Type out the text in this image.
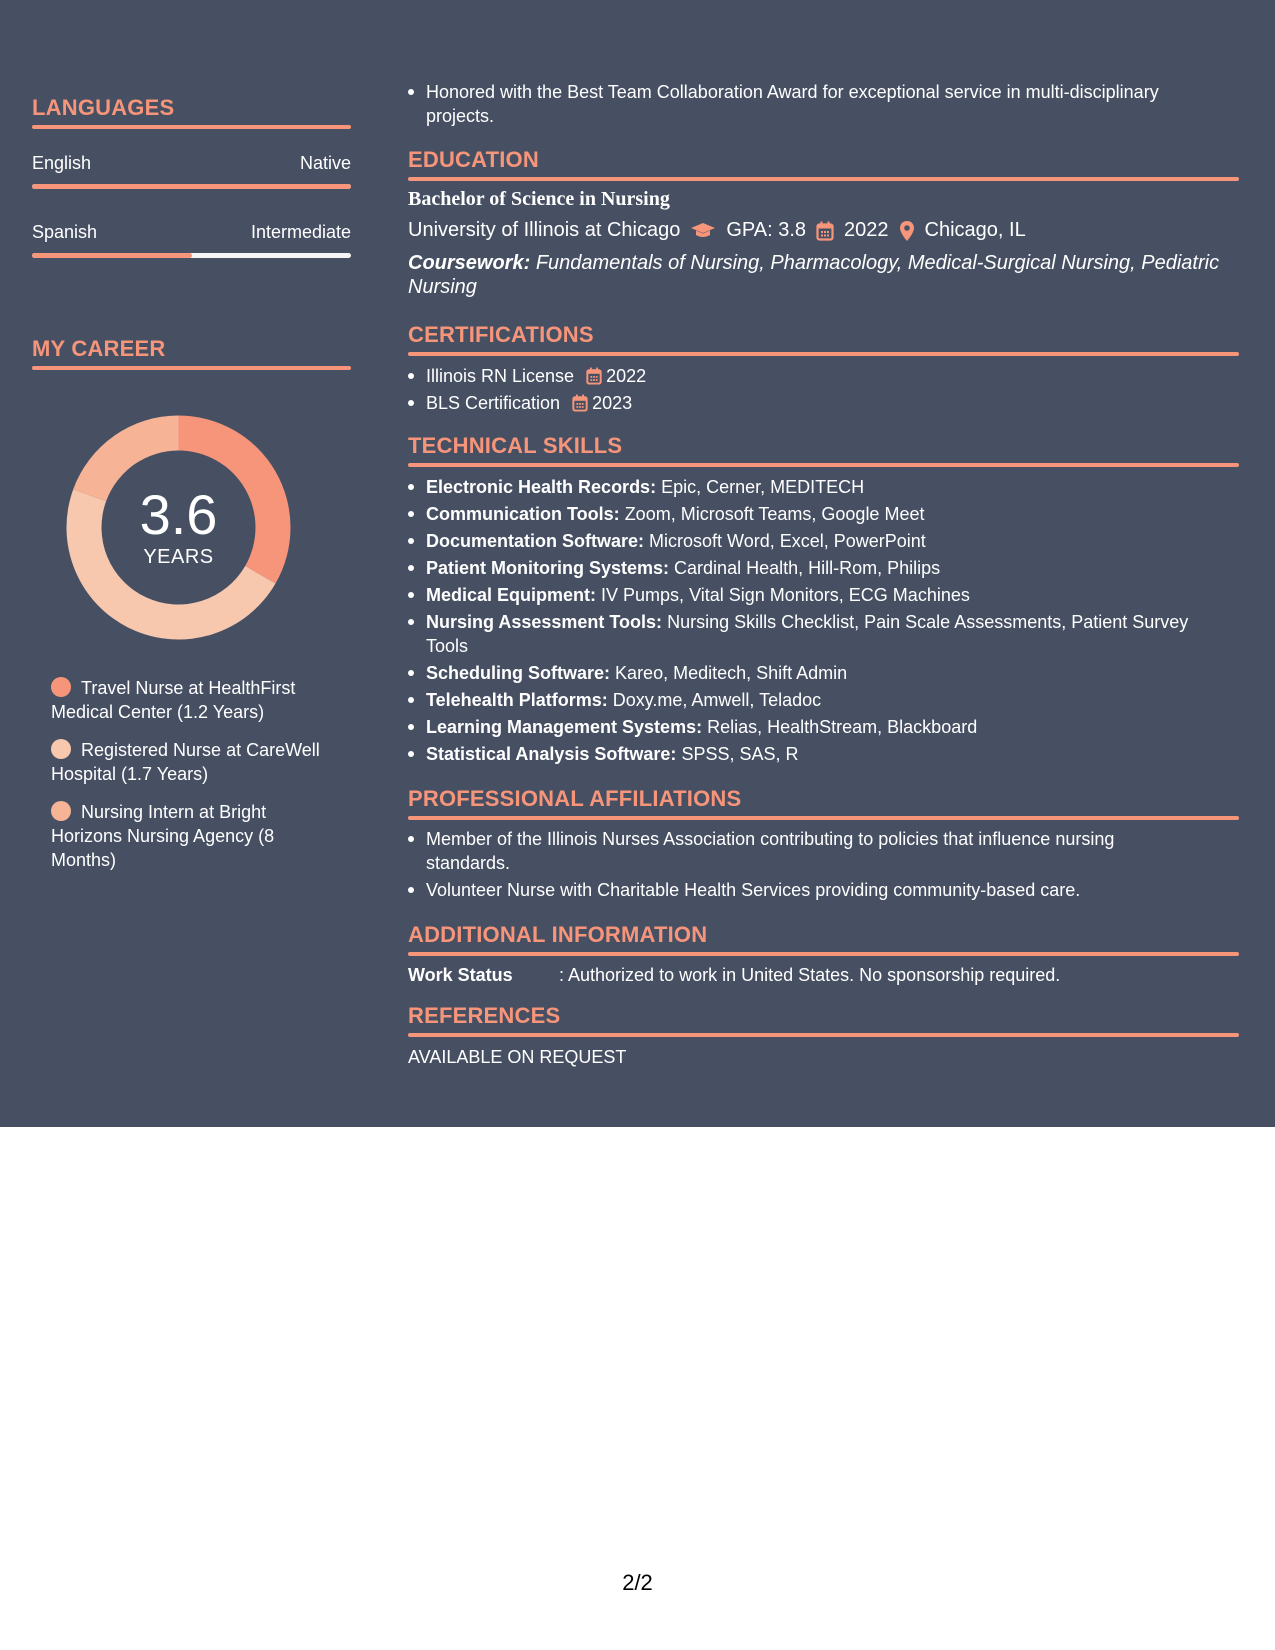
LANGUAGES
English	Native
Spanish	Intermediate
MY CAREER
3.6
YEARS
Travel Nurse at HealthFirst Medical Center (1.2 Years)
Registered Nurse at CareWell Hospital (1.7 Years)
Nursing Intern at Bright Horizons Nursing Agency (8 Months)
Honored with the Best Team Collaboration Award for exceptional service in multi-disciplinary projects.
EDUCATION
Bachelor of Science in Nursing
University of Illinois at Chicago GPA: 3.8 2022 Chicago, IL
Coursework: Fundamentals of Nursing, Pharmacology, Medical-Surgical Nursing, Pediatric Nursing
CERTIFICATIONS
Illinois RN License 2022
BLS Certification 2023
TECHNICAL SKILLS
Electronic Health Records: Epic, Cerner, MEDITECH
Communication Tools: Zoom, Microsoft Teams, Google Meet
Documentation Software: Microsoft Word, Excel, PowerPoint
Patient Monitoring Systems: Cardinal Health, Hill-Rom, Philips
Medical Equipment: IV Pumps, Vital Sign Monitors, ECG Machines
Nursing Assessment Tools: Nursing Skills Checklist, Pain Scale Assessments, Patient Survey Tools
Scheduling Software: Kareo, Meditech, Shift Admin
Telehealth Platforms: Doxy.me, Amwell, Teladoc
Learning Management Systems: Relias, HealthStream, Blackboard
Statistical Analysis Software: SPSS, SAS, R
PROFESSIONAL AFFILIATIONS
Member of the Illinois Nurses Association contributing to policies that influence nursing standards.
Volunteer Nurse with Charitable Health Services providing community-based care.
ADDITIONAL INFORMATION
Work Status	: Authorized to work in United States. No sponsorship required.
REFERENCES
AVAILABLE ON REQUEST
2/2
